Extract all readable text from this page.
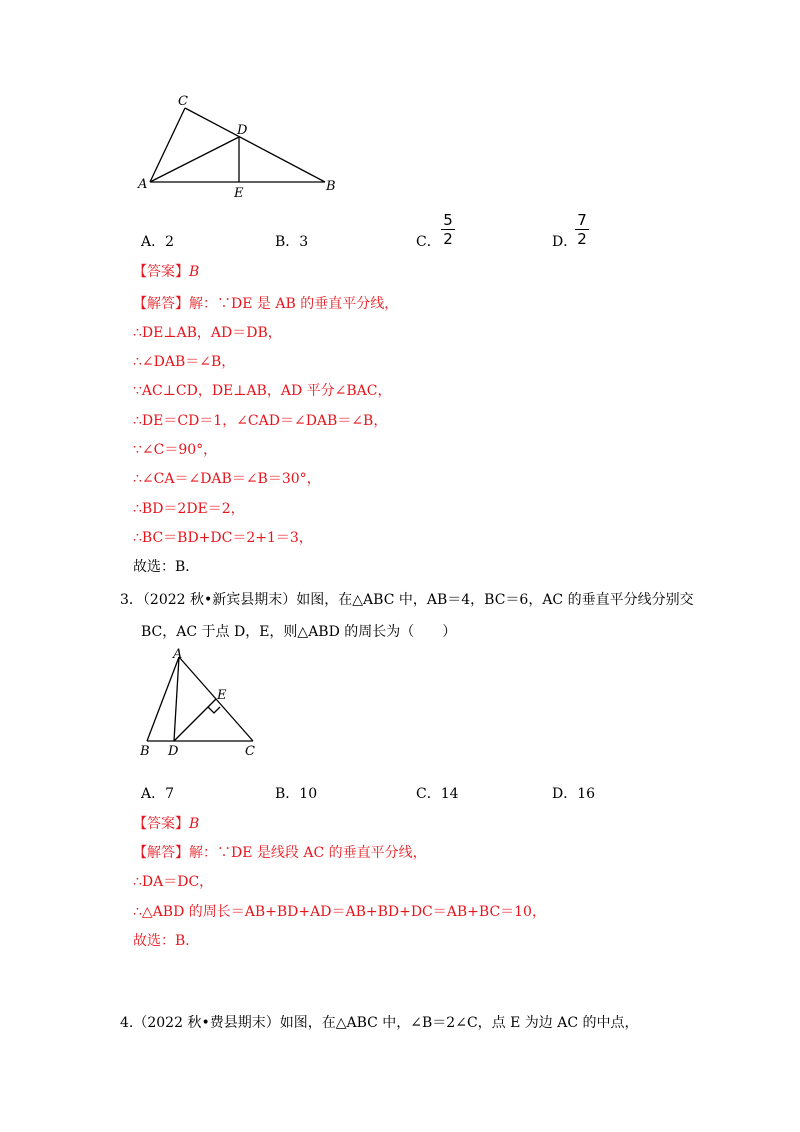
C
D
A
E	B
A．2	B．3	C．
5
2	D．
7
2
【答案】B
【解答】解：∵DE 是 AB 的垂直平分线，
∴DE⊥AB，AD＝DB，
∴∠DAB＝∠B，
∵AC⊥CD，DE⊥AB，AD 平分∠BAC，
∴DE＝CD＝1，∠CAD＝∠DAB＝∠B，
∵∠C＝90°，
∴∠CA＝∠DAB＝∠B＝30°，
∴BD＝2DE＝2，
∴BC＝BD+DC＝2+1＝3，
故选：B．
3．（2022 秋•新宾县期末）如图，在△ABC 中，AB＝4，BC＝6，AC 的垂直平分线分别交
BC，AC 于点 D，E，则△ABD 的周长为（　　）
A
E
B D	C
A．7	B．10	C．14	D．16
【答案】B
【解答】解：∵DE 是线段 AC 的垂直平分线，
∴DA＝DC，
∴△ABD 的周长＝AB+BD+AD＝AB+BD+DC＝AB+BC＝10，
故选：B．
4.（2022 秋•费县期末）如图，在△ABC 中，∠B＝2∠C，点 E 为边 AC 的中点，
